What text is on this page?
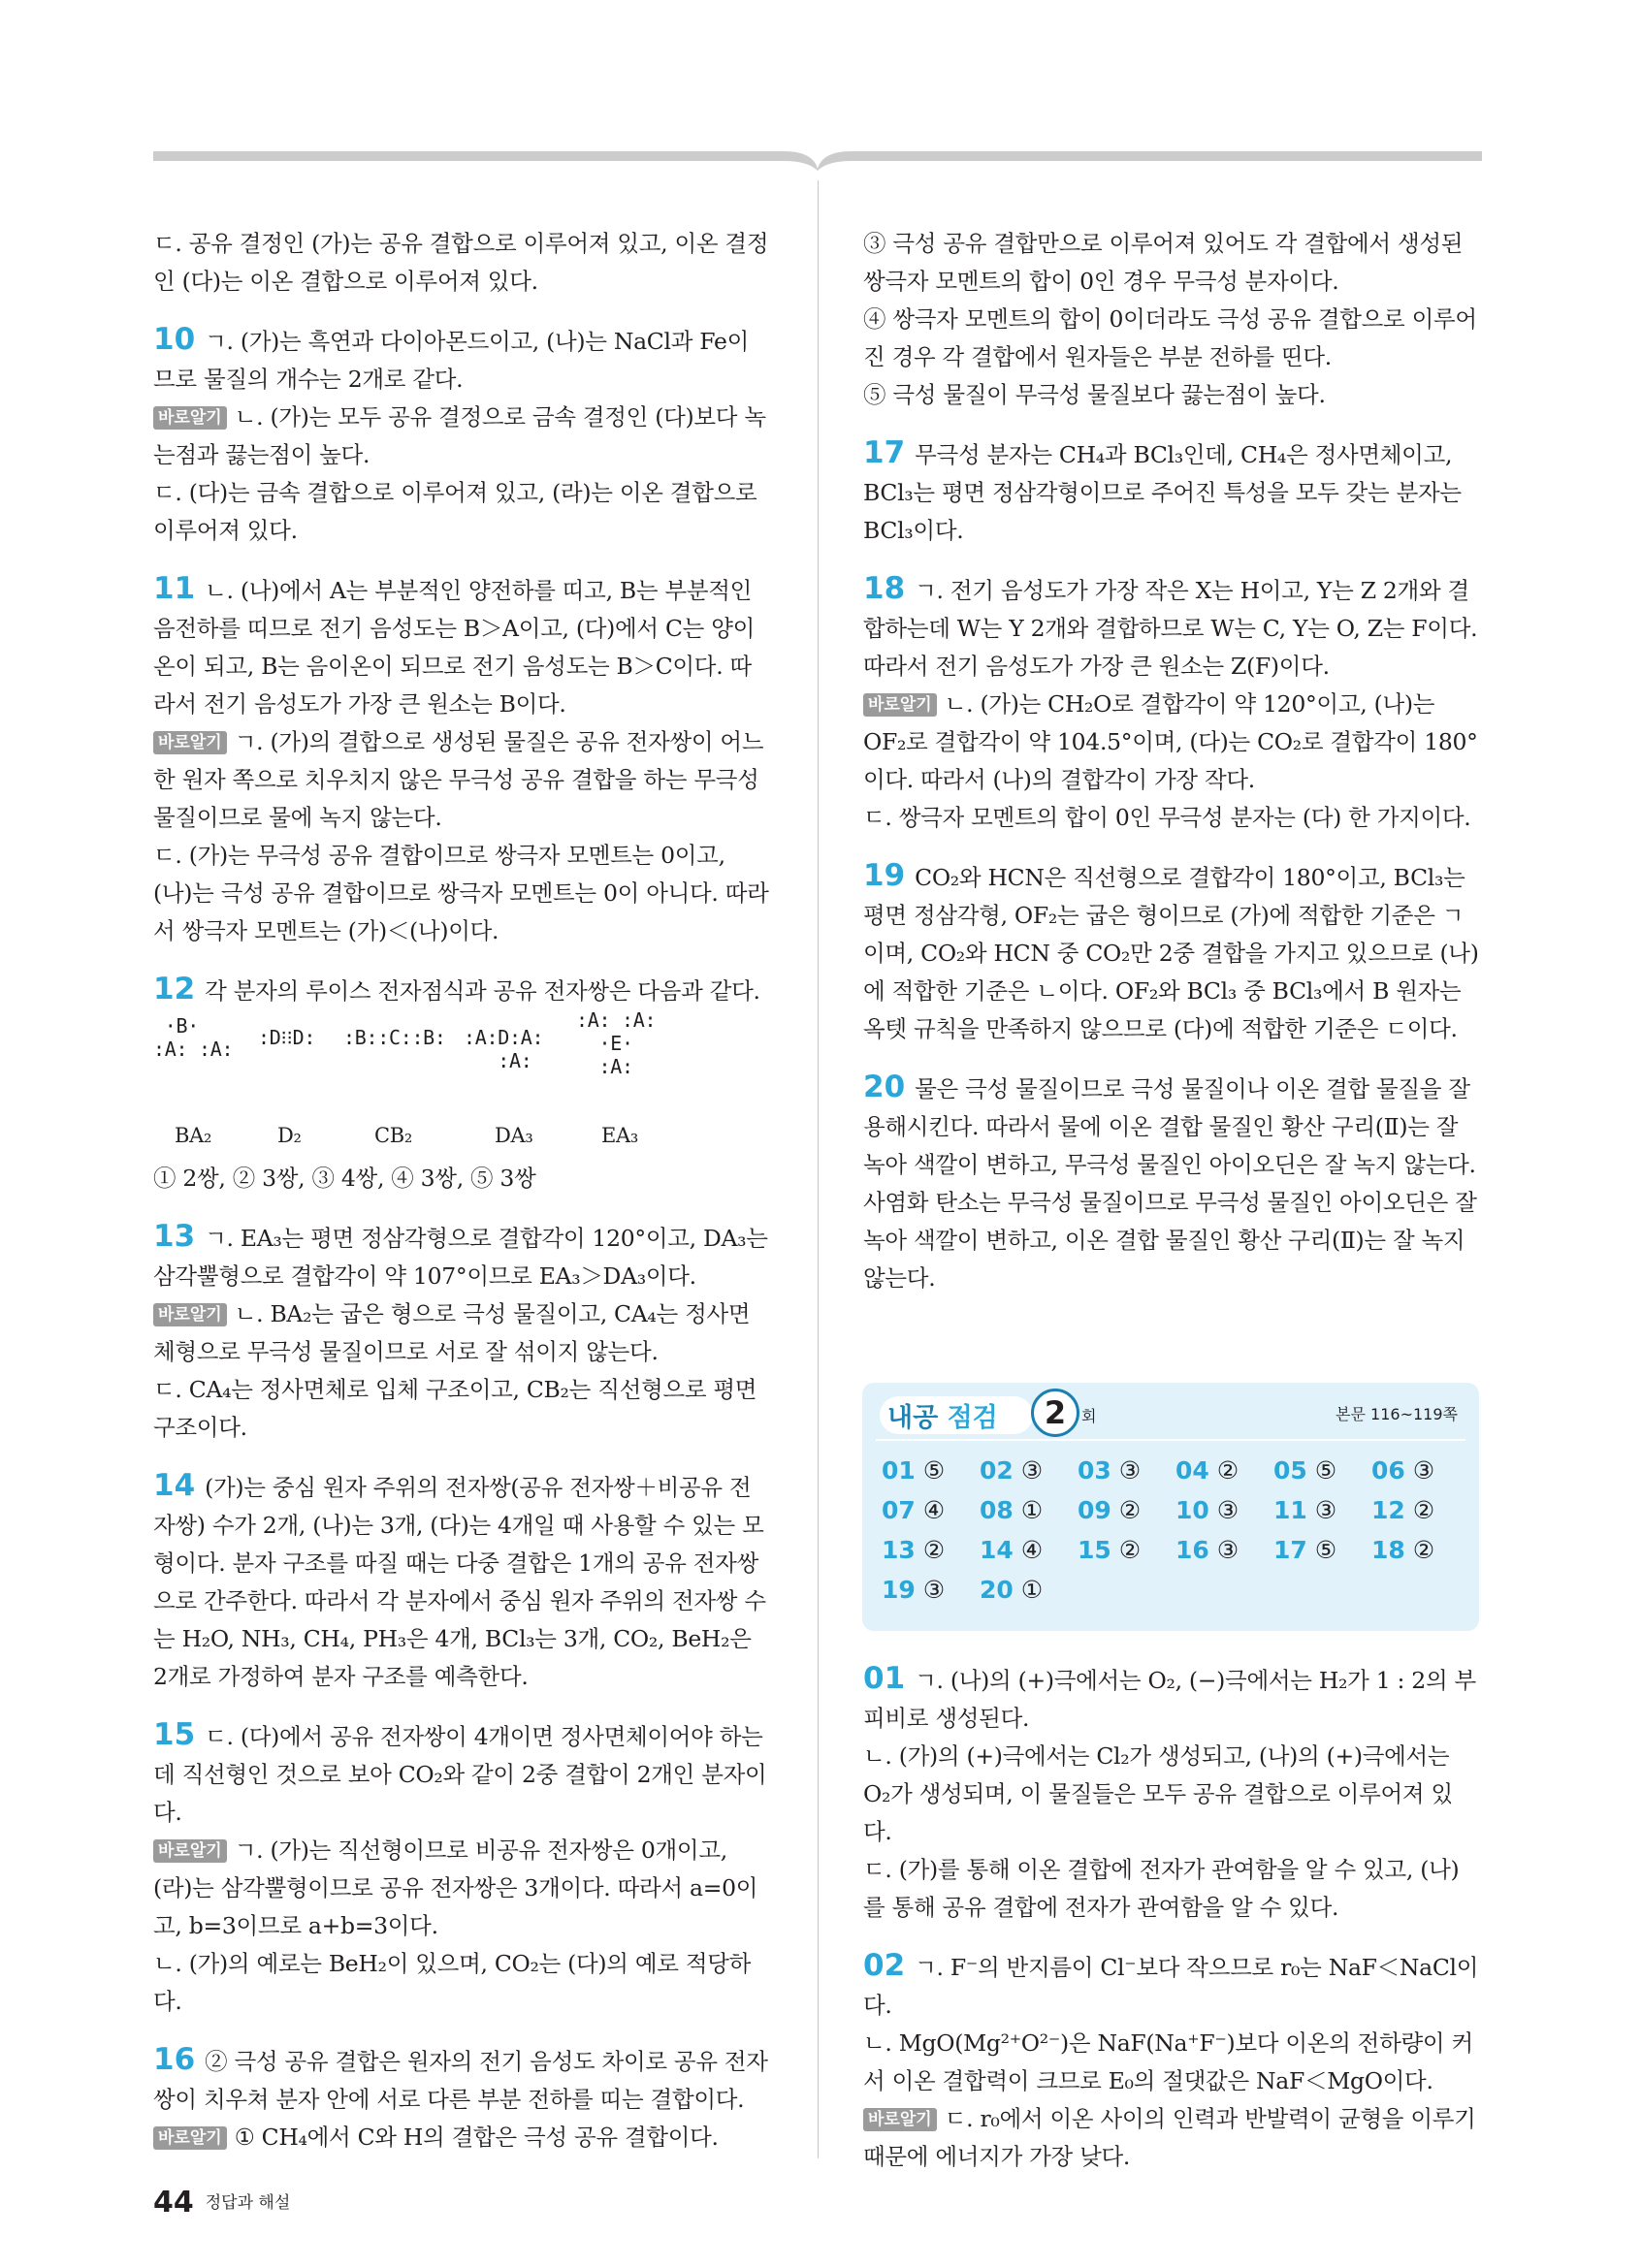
ㄷ. 공유 결정인 (가)는 공유 결합으로 이루어져 있고, 이온 결정 인 (다)는 이온 결합으로 이루어져 있다.

10 ㄱ. (가)는 흑연과 다이아몬드이고, (나)는 NaCl과 Fe이므로 물질의 개수는 2개로 같다.

바로알기 ㄴ. (가)는 모두 공유 결정으로 금속 결정인 (다)보다 녹는점과 끓는점이 높다.

ㄷ. (다)는 금속 결합으로 이루어져 있고, (라)는 이온 결합으로 이루어져 있다.

11 ㄴ. (나)에서 A는 부분적인 양전하를 띠고, B는 부분적인 음전하를 띠므로 전기 음성도는 B＞A이고, (다)에서 C는 양이온이 되고, B는 음이온이 되므로 전기 음성도는 B＞C이다. 따라서 전기 음성도가 가장 큰 원소는 B이다.

바로알기 ㄱ. (가)의 결합으로 생성된 물질은 공유 전자쌍이 어느 한 원자 쪽으로 치우치지 않은 무극성 공유 결합을 하는 무극성 물질이므로 물에 녹지 않는다.

ㄷ. (가)는 무극성 공유 결합이므로 쌍극자 모멘트는 0이고, (나)는 극성 공유 결합이므로 쌍극자 모멘트는 0이 아니다. 따라서 쌍극자 모멘트는 (가)＜(나)이다.

12 각 분자의 루이스 전자점식과 공유 전자쌍은 다음과 같다.

·B·
:A: :A: :D⁝⁝D: :B::C::B: :A:D:A:
:A:
:A: :A:
·E·
:A:
BA₂	D₂	CB₂	DA₃	EA₃

① 2쌍, ② 3쌍, ③ 4쌍, ④ 3쌍, ⑤ 3쌍

13 ㄱ. EA₃는 평면 정삼각형으로 결합각이 120°이고, DA₃는 삼각뿔형으로 결합각이 약 107°이므로 EA₃＞DA₃이다.

바로알기 ㄴ. BA₂는 굽은 형으로 극성 물질이고, CA₄는 정사면체형으로 무극성 물질이므로 서로 잘 섞이지 않는다.

ㄷ. CA₄는 정사면체로 입체 구조이고, CB₂는 직선형으로 평면 구조이다.

14 (가)는 중심 원자 주위의 전자쌍(공유 전자쌍＋비공유 전자쌍) 수가 2개, (나)는 3개, (다)는 4개일 때 사용할 수 있는 모형이다. 분자 구조를 따질 때는 다중 결합은 1개의 공유 전자쌍으로 간주한다. 따라서 각 분자에서 중심 원자 주위의 전자쌍 수는 H₂O, NH₃, CH₄, PH₃은 4개, BCl₃는 3개, CO₂, BeH₂은 2개로 가정하여 분자 구조를 예측한다.

15 ㄷ. (다)에서 공유 전자쌍이 4개이면 정사면체이어야 하는데 직선형인 것으로 보아 CO₂와 같이 2중 결합이 2개인 분자이다.

바로알기 ㄱ. (가)는 직선형이므로 비공유 전자쌍은 0개이고, (라)는 삼각뿔형이므로 공유 전자쌍은 3개이다. 따라서 a=0이고, b=3이므로 a+b=3이다.

ㄴ. (가)의 예로는 BeH₂이 있으며, CO₂는 (다)의 예로 적당하다.

16 ② 극성 공유 결합은 원자의 전기 음성도 차이로 공유 전자쌍이 치우쳐 분자 안에 서로 다른 부분 전하를 띠는 결합이다.

바로알기 ① CH₄에서 C와 H의 결합은 극성 공유 결합이다.

③ 극성 공유 결합만으로 이루어져 있어도 각 결합에서 생성된 쌍극자 모멘트의 합이 0인 경우 무극성 분자이다.

④ 쌍극자 모멘트의 합이 0이더라도 극성 공유 결합으로 이루어진 경우 각 결합에서 원자들은 부분 전하를 띤다.

⑤ 극성 물질이 무극성 물질보다 끓는점이 높다.

17 무극성 분자는 CH₄과 BCl₃인데, CH₄은 정사면체이고, BCl₃는 평면 정삼각형이므로 주어진 특성을 모두 갖는 분자는 BCl₃이다.

18 ㄱ. 전기 음성도가 가장 작은 X는 H이고, Y는 Z 2개와 결합하는데 W는 Y 2개와 결합하므로 W는 C, Y는 O, Z는 F이다. 따라서 전기 음성도가 가장 큰 원소는 Z(F)이다.

바로알기 ㄴ. (가)는 CH₂O로 결합각이 약 120°이고, (나)는 OF₂로 결합각이 약 104.5°이며, (다)는 CO₂로 결합각이 180°이다. 따라서 (나)의 결합각이 가장 작다.

ㄷ. 쌍극자 모멘트의 합이 0인 무극성 분자는 (다) 한 가지이다.

19 CO₂와 HCN은 직선형으로 결합각이 180°이고, BCl₃는 평면 정삼각형, OF₂는 굽은 형이므로 (가)에 적합한 기준은 ㄱ이며, CO₂와 HCN 중 CO₂만 2중 결합을 가지고 있으므로 (나)에 적합한 기준은 ㄴ이다. OF₂와 BCl₃ 중 BCl₃에서 B 원자는 옥텟 규칙을 만족하지 않으므로 (다)에 적합한 기준은 ㄷ이다.

20 물은 극성 물질이므로 극성 물질이나 이온 결합 물질을 잘 용해시킨다. 따라서 물에 이온 결합 물질인 황산 구리(Ⅱ)는 잘 녹아 색깔이 변하고, 무극성 물질인 아이오딘은 잘 녹지 않는다. 사염화 탄소는 무극성 물질이므로 무극성 물질인 아이오딘은 잘 녹아 색깔이 변하고, 이온 결합 물질인 황산 구리(Ⅱ)는 잘 녹지 않는다.

내공 점검	2 회	본문 116~119쪽
01 ⑤ 02 ③ 03 ③ 04 ② 05 ⑤ 06 ③
07 ④ 08 ① 09 ② 10 ③ 11 ③ 12 ②
13 ② 14 ④ 15 ② 16 ③ 17 ⑤ 18 ②
19 ③ 20 ①

01 ㄱ. (나)의 (+)극에서는 O₂, (−)극에서는 H₂가 1 : 2의 부피비로 생성된다.

ㄴ. (가)의 (+)극에서는 Cl₂가 생성되고, (나)의 (+)극에서는 O₂가 생성되며, 이 물질들은 모두 공유 결합으로 이루어져 있다.

ㄷ. (가)를 통해 이온 결합에 전자가 관여함을 알 수 있고, (나)를 통해 공유 결합에 전자가 관여함을 알 수 있다.

02 ㄱ. F⁻의 반지름이 Cl⁻보다 작으므로 r₀는 NaF＜NaCl이다.

ㄴ. MgO(Mg²⁺O²⁻)은 NaF(Na⁺F⁻)보다 이온의 전하량이 커서 이온 결합력이 크므로 E₀의 절댓값은 NaF＜MgO이다.

바로알기 ㄷ. r₀에서 이온 사이의 인력과 반발력이 균형을 이루기 때문에 에너지가 가장 낮다.

44 정답과 해설
